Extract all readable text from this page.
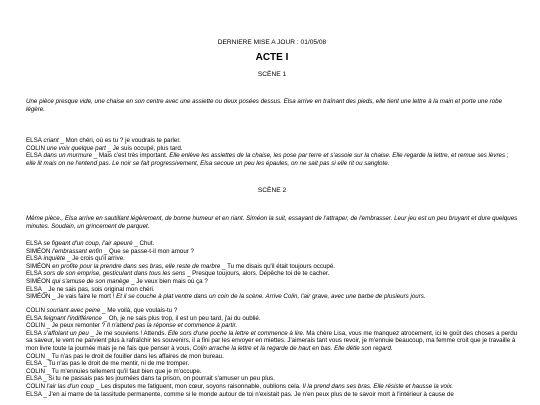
DERNIERE MISE A JOUR : 01/05/08
ACTE I
SCÈNE 1

Une pièce presque vide, une chaise en son centre avec une assiette ou deux posées dessus. Elsa arrive en traînant des pieds, elle tient une lettre à la main et porte une robe légère.

ELSA criant _ Mon chéri, où es tu ? je voudrais te parler.
COLIN une voix quelque part _ Je suis occupé, plus tard.
ELSA dans un murmure _ Mais c'est très important. Elle enlève les assiettes de la chaise, les pose par terre et s'assoie sur la chaise. Elle regarde la lettre, et remue ses lèvres ; elle lit mais on ne l'entend pas. Le noir se fait progressivement, Elsa secoue un peu les épaules, on ne sait pas si elle rit ou sanglote.
SCÈNE 2

Même pièce., Elsa arrive en sautillant légèrement, de bonne humeur et en riant. Siméon la suit, essayant de l'attraper, de l'embrasser. Leur jeu est un peu bruyant et dure quelques minutes. Soudain, un grincement de parquet.

ELSA se figeant d'un coup, l'air apeuré _ Chut.
SIMÉON l'embrassant enfin _ Que se passe-t-il mon amour ?
ELSA inquiète _ Je crois qu'il arrive.
SIMÉON en profite pour la prendre dans ses bras, elle reste de marbre _ Tu me disais qu'il était toujours occupé.
ELSA sors de son emprise, gesticulant dans tous les sens _ Presque toujours, alors. Dépêche toi de te cacher.
SIMÉON qui s'amuse de son manège _ Je veux bien mais où ça ?
ELSA _ Je ne sais pas, sois original mon chéri.
SIMÉON _ Je vais faire le mort ! Et il se couche à plat ventre dans un coin de la scène. Arrive Colin, l'air grave, avec une barbe de plusieurs jours.
COLIN souriant avec peine _ Me voilà, que voulais-tu ?
ELSA feignant l'indifférence _ Oh, je ne sais plus trop, il est un peu tard, j'ai du oublié.
COLIN _ Je peux remonter ? Il n'attend pas la réponse et commence à partir.
ELSA s'affolant un peu _ Je me souviens ! Attends. Elle sors d'une poche la lettre et commence à lire. Ma chère Lisa, vous me manquez atrocement, ici le goût des choses a perdu sa saveur, le vent ne parvient plus à rafraîchir les souvenirs, il a fini par les envoyer en miettes. J'aimerais tant vous revoir, je m'ennuie beaucoup, ma femme croit que je travaille à mon livre toute la journée mais je ne fais que penser à vous, Colin arrache la lettre et la regarde de haut en bas. Elle détle son regard.
COLIN _ Tu n'as pas le droit de fouiller dans les affaires de mon bureau.
ELSA _ Tu n'as pas le droit de me mentir, ni de me tromper.
COLIN _ Tu m'ennuies tellement qu'il faut bien que je m'occupe.
ELSA _ Si tu ne passais pas tes journées dans ta prison, on pourrait s'amuser un peu plus.
COLIN l'air las d'un coup _ Les disputes me fatiguent, mon cœur, soyons raisonnable, oublions cela. Il la prend dans ses bras. Elle résiste et hausse la voix.
ELSA _ J'en ai marre de ta lassitude permanente, comme si le monde autour de toi n'existait pas. Je n'en peux plus de te savoir mort à l'intérieur à cause de
